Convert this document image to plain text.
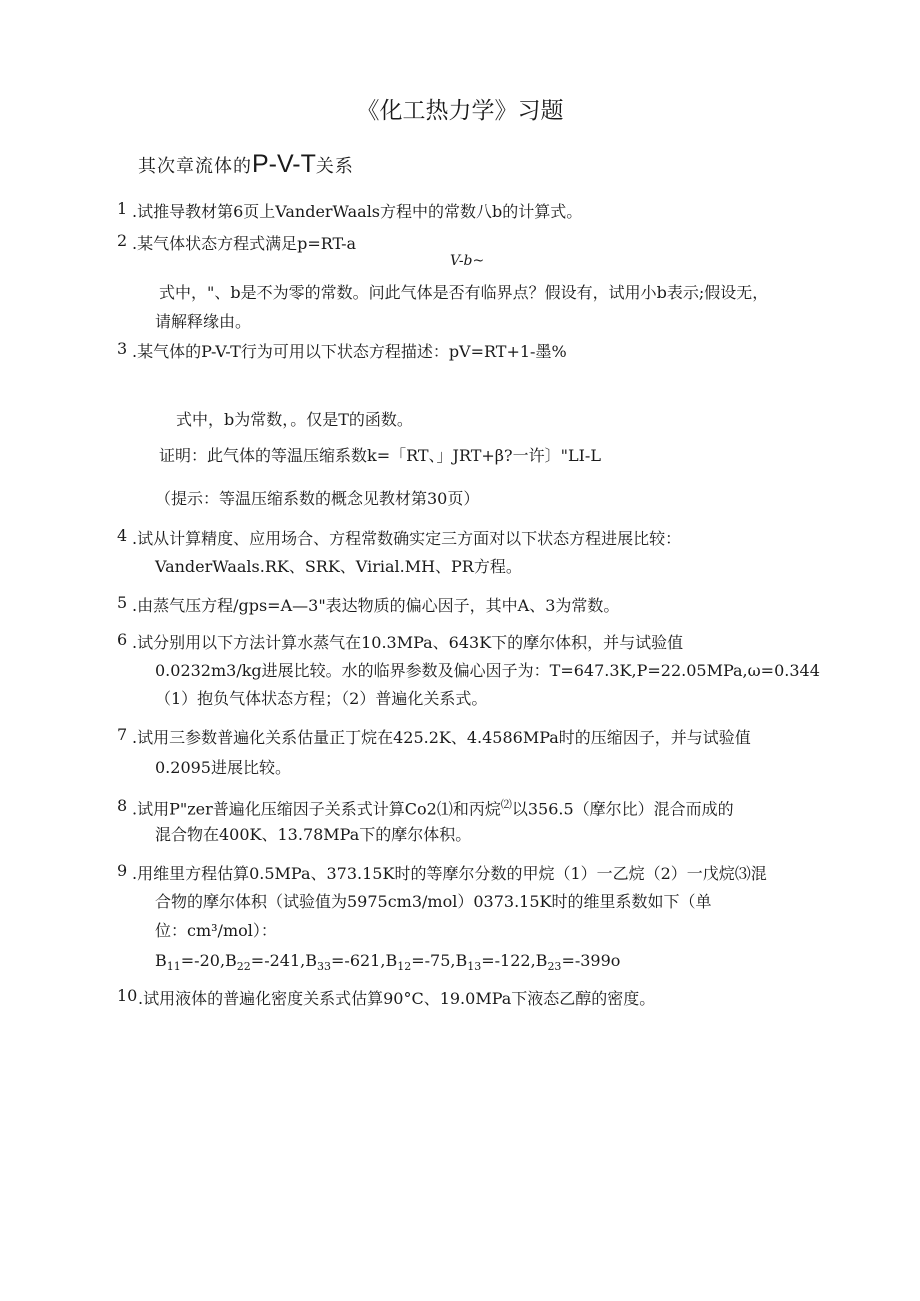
《化工热力学》习题
其次章流体的P-V-T关系
1 .试推导教材第6页上VanderWaals方程中的常数八b的计算式。
2 .某气体状态方程式满足p=RT-a
V-b~
式中，"、b是不为零的常数。问此气体是否有临界点？假设有，试用小b表示;假设无，
请解释缘由。
3 .某气体的P-V-T行为可用以下状态方程描述：pV=RT+1-墨%
式中，b为常数，。仅是T的函数。
证明：此气体的等温压缩系数k=「RT、」JRT+β?一许〕"LI-L
（提示：等温压缩系数的概念见教材第30页）
4 .试从计算精度、应用场合、方程常数确实定三方面对以下状态方程进展比较：
VanderWaals.RK、SRK、Virial.MH、PR方程。
5 .由蒸气压方程/gps=A—3"表达物质的偏心因子，其中A、3为常数。
6 .试分别用以下方法计算水蒸气在10.3MPa、643K下的摩尔体积，并与试验值
0.0232m3/kg进展比较。水的临界参数及偏心因子为：T=647.3K,P=22.05MPa,ω=0.344
（1）抱负气体状态方程；（2）普遍化关系式。
7 .试用三参数普遍化关系估量正丁烷在425.2K、4.4586MPa时的压缩因子，并与试验值
0.2095进展比较。
8 .试用P"zer普遍化压缩因子关系式计算Co2⑴和丙烷⑵以356.5（摩尔比）混合而成的
混合物在400K、13.78MPa下的摩尔体积。
9 .用维里方程估算0.5MPa、373.15K时的等摩尔分数的甲烷（1）一乙烷（2）一戊烷⑶混
合物的摩尔体积（试验值为5975cm3/mol）0373.15K时的维里系数如下（单
位：cm³/mol）：
$B_{11}=-20,B_{22}=-241,B_{33}=-621,B_{12}=-75,B_{13}=-122,B_{23}=-399o$
10 .试用液体的普遍化密度关系式估算90°C、19.0MPa下液态乙醇的密度。
